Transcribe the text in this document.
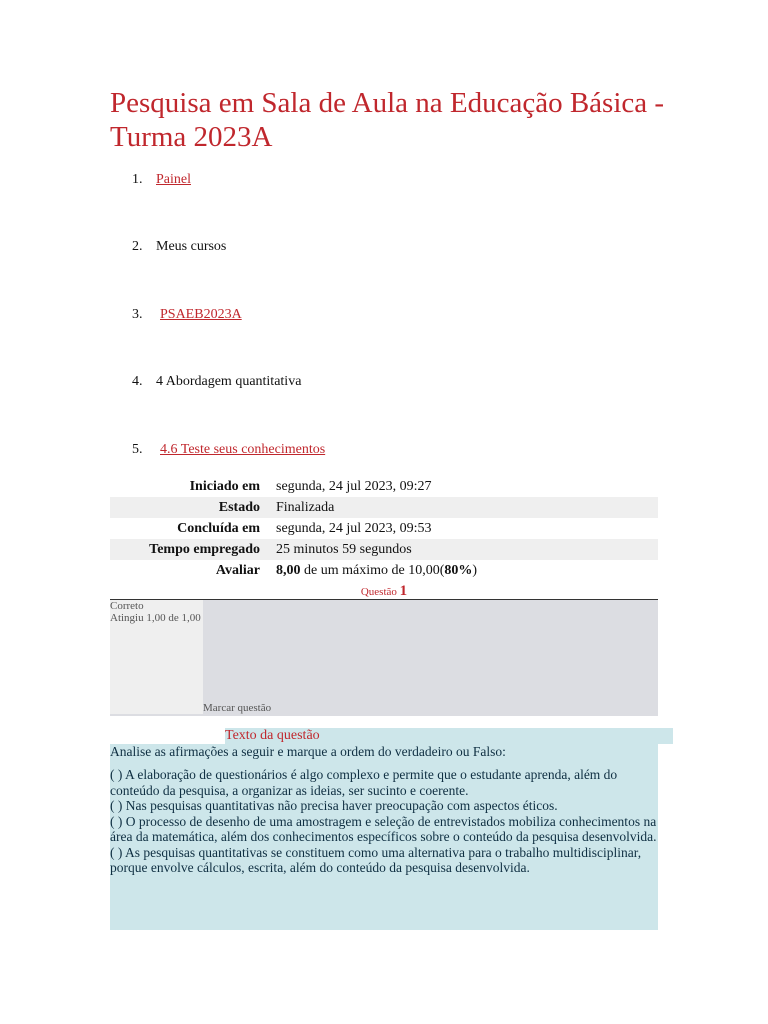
Pesquisa em Sala de Aula na Educação Básica - Turma 2023A
1. Painel
2. Meus cursos
3. PSAEB2023A
4. 4 Abordagem quantitativa
5. 4.6 Teste seus conhecimentos
Iniciado em	segunda, 24 jul 2023, 09:27
Estado	Finalizada
Concluída em	segunda, 24 jul 2023, 09:53
Tempo empregado	25 minutos 59 segundos
Avaliar	8,00 de um máximo de 10,00(80%)
Questão 1
Correto
Atingiu 1,00 de 1,00
Marcar questão
Texto da questão
Analise as afirmações a seguir e marque a ordem do verdadeiro ou Falso:
( ) A elaboração de questionários é algo complexo e permite que o estudante aprenda, além do conteúdo da pesquisa, a organizar as ideias, ser sucinto e coerente.
( ) Nas pesquisas quantitativas não precisa haver preocupação com aspectos éticos.
( ) O processo de desenho de uma amostragem e seleção de entrevistados mobiliza conhecimentos na área da matemática, além dos conhecimentos específicos sobre o conteúdo da pesquisa desenvolvida.
( ) As pesquisas quantitativas se constituem como uma alternativa para o trabalho multidisciplinar, porque envolve cálculos, escrita, além do conteúdo da pesquisa desenvolvida.
